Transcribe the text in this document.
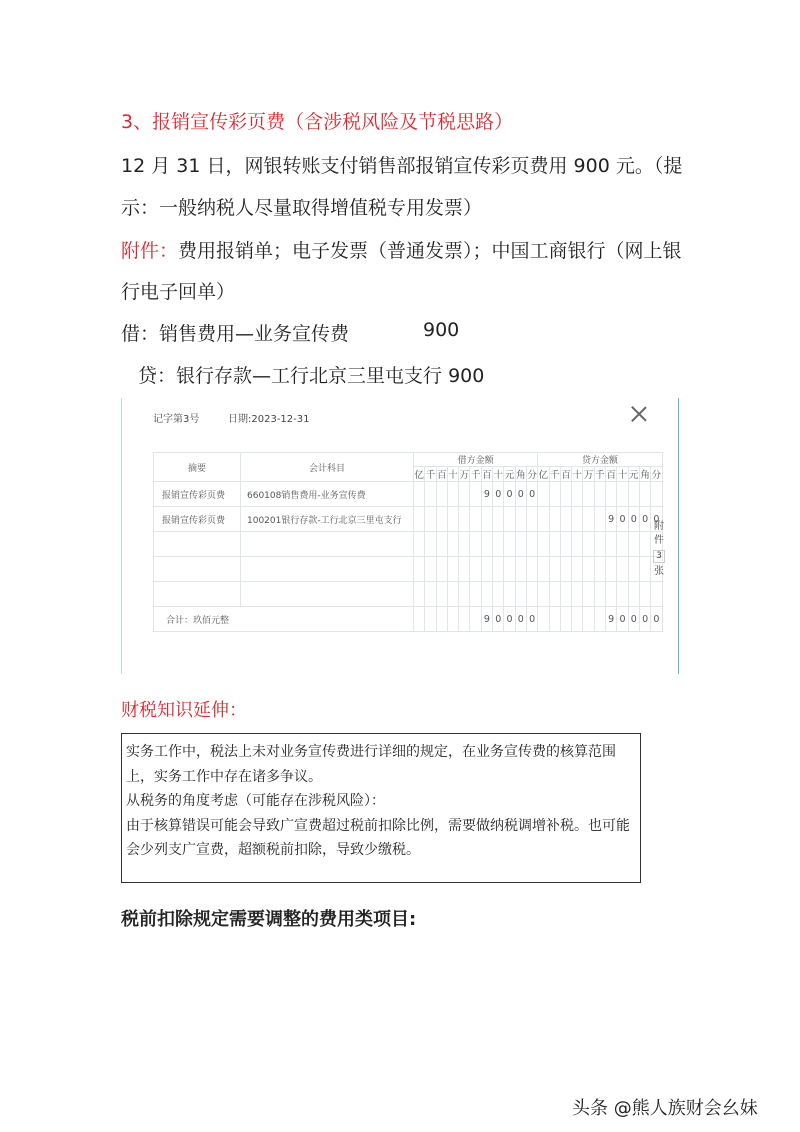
3、报销宣传彩页费（含涉税风险及节税思路）
12 月 31 日，网银转账支付销售部报销宣传彩页费用 900 元。（提
示：一般纳税人尽量取得增值税专用发票）
附件：费用报销单；电子发票（普通发票）；中国工商银行（网上银
行电子回单）
借：销售费用—业务宣传费	900
贷：银行存款—工行北京三里屯支行 900
记字第3号	日期:2023-12-31
摘要	会计科目	借方金额											贷方金额										
		亿	千	百	十	万	千	百	十	元	角	分	亿	千	百	十	万	千	百	十	元	角	分
报销宣传彩页费	660108销售费用-业务宣传费							9	0	0	0	0											
报销宣传彩页费	100201银行存款-工行北京三里屯支行																		9	0	0	0	0

合计：玖佰元整								9	0	0	0	0							9	0	0	0	0
附
件
3
张
财税知识延伸：
实务工作中，税法上未对业务宣传费进行详细的规定，在业务宣传费的核算范围
上，实务工作中存在诸多争议。
从税务的角度考虑（可能存在涉税风险）：
由于核算错误可能会导致广宣费超过税前扣除比例，需要做纳税调增补税。也可能
会少列支广宣费，超额税前扣除，导致少缴税。
税前扣除规定需要调整的费用类项目:
头条 @熊人族财会幺妹
